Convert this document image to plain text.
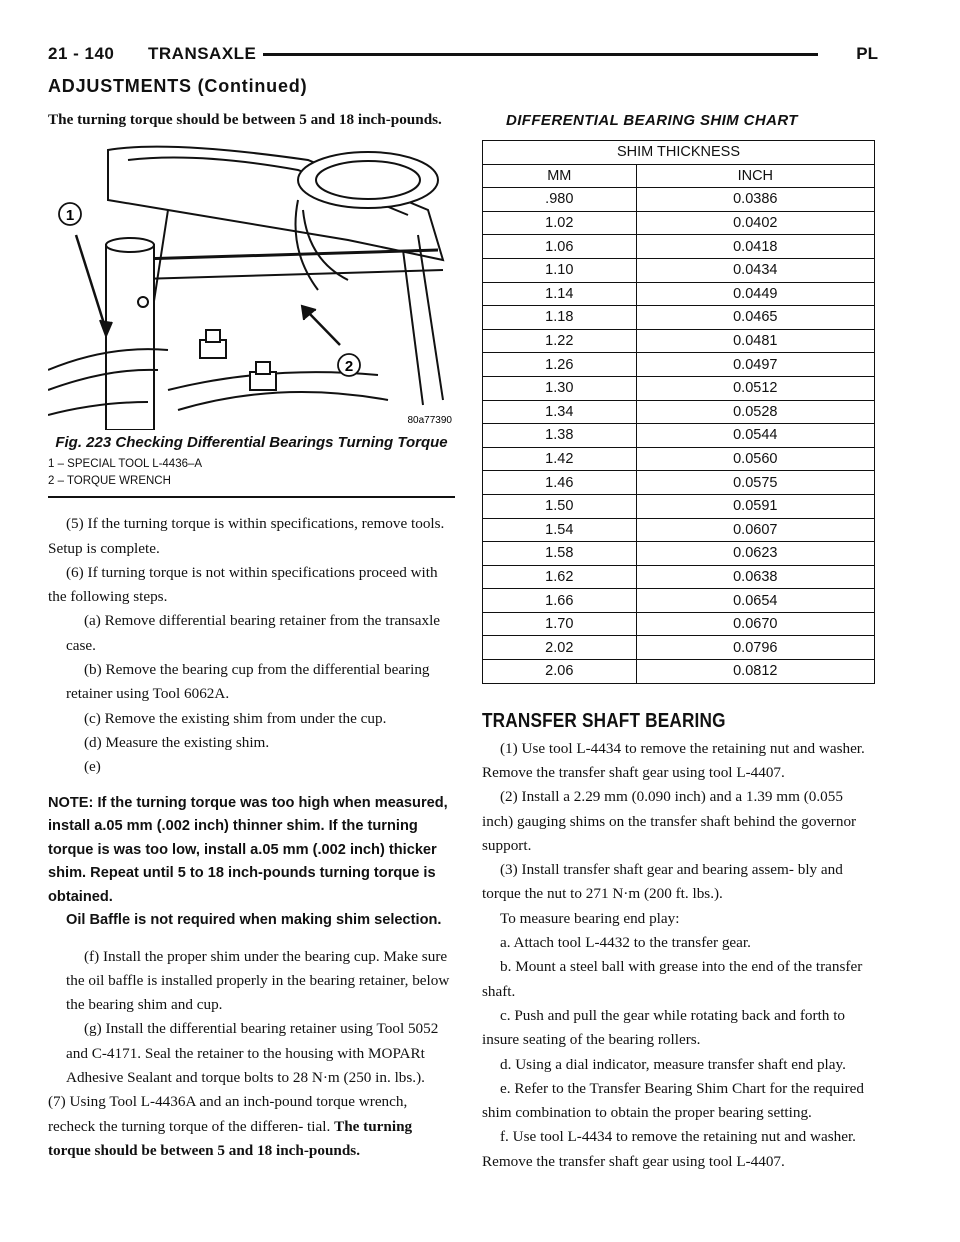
21 - 140 TRANSAXLE	PL
ADJUSTMENTS (Continued)

The turning torque should be between 5 and 18 inch-pounds.

1
2
80a77390
Fig. 223 Checking Differential Bearings Turning Torque
1 – SPECIAL TOOL L-4436–A
2 – TORQUE WRENCH

(5) If the turning torque is within specifications, remove tools. Setup is complete.

(6) If turning torque is not within specifications proceed with the following steps.

(a) Remove differential bearing retainer from the transaxle case.

(b) Remove the bearing cup from the differential bearing retainer using Tool 6062A.

(c) Remove the existing shim from under the cup.

(d) Measure the existing shim.

(e)

NOTE: If the turning torque was too high when measured, install a.05 mm (.002 inch) thinner shim. If the turning torque is was too low, install a.05 mm (.002 inch) thicker shim. Repeat until 5 to 18 inch-pounds turning torque is obtained.

Oil Baffle is not required when making shim selection.

(f) Install the proper shim under the bearing cup. Make sure the oil baffle is installed properly in the bearing retainer, below the bearing shim and cup.

(g) Install the differential bearing retainer using Tool 5052 and C-4171. Seal the retainer to the housing with MOPARt Adhesive Sealant and torque bolts to 28 N·m (250 in. lbs.).

(7) Using Tool L-4436A and an inch-pound torque wrench, recheck the turning torque of the differen- tial. The turning torque should be between 5 and 18 inch-pounds.

DIFFERENTIAL BEARING SHIM CHART
SHIM THICKNESS	
MM	INCH
.980	0.0386
1.02	0.0402
1.06	0.0418
1.10	0.0434
1.14	0.0449
1.18	0.0465
1.22	0.0481
1.26	0.0497
1.30	0.0512
1.34	0.0528
1.38	0.0544
1.42	0.0560
1.46	0.0575
1.50	0.0591
1.54	0.0607
1.58	0.0623
1.62	0.0638
1.66	0.0654
1.70	0.0670
2.02	0.0796
2.06	0.0812
TRANSFER SHAFT BEARING

(1) Use tool L-4434 to remove the retaining nut and washer. Remove the transfer shaft gear using tool L-4407.

(2) Install a 2.29 mm (0.090 inch) and a 1.39 mm (0.055 inch) gauging shims on the transfer shaft behind the governor support.

(3) Install transfer shaft gear and bearing assem- bly and torque the nut to 271 N·m (200 ft. lbs.).

To measure bearing end play:

a. Attach tool L-4432 to the transfer gear.

b. Mount a steel ball with grease into the end of the transfer shaft.

c. Push and pull the gear while rotating back and forth to insure seating of the bearing rollers.

d. Using a dial indicator, measure transfer shaft end play.

e. Refer to the Transfer Bearing Shim Chart for the required shim combination to obtain the proper bearing setting.

f. Use tool L-4434 to remove the retaining nut and washer. Remove the transfer shaft gear using tool L-4407.
